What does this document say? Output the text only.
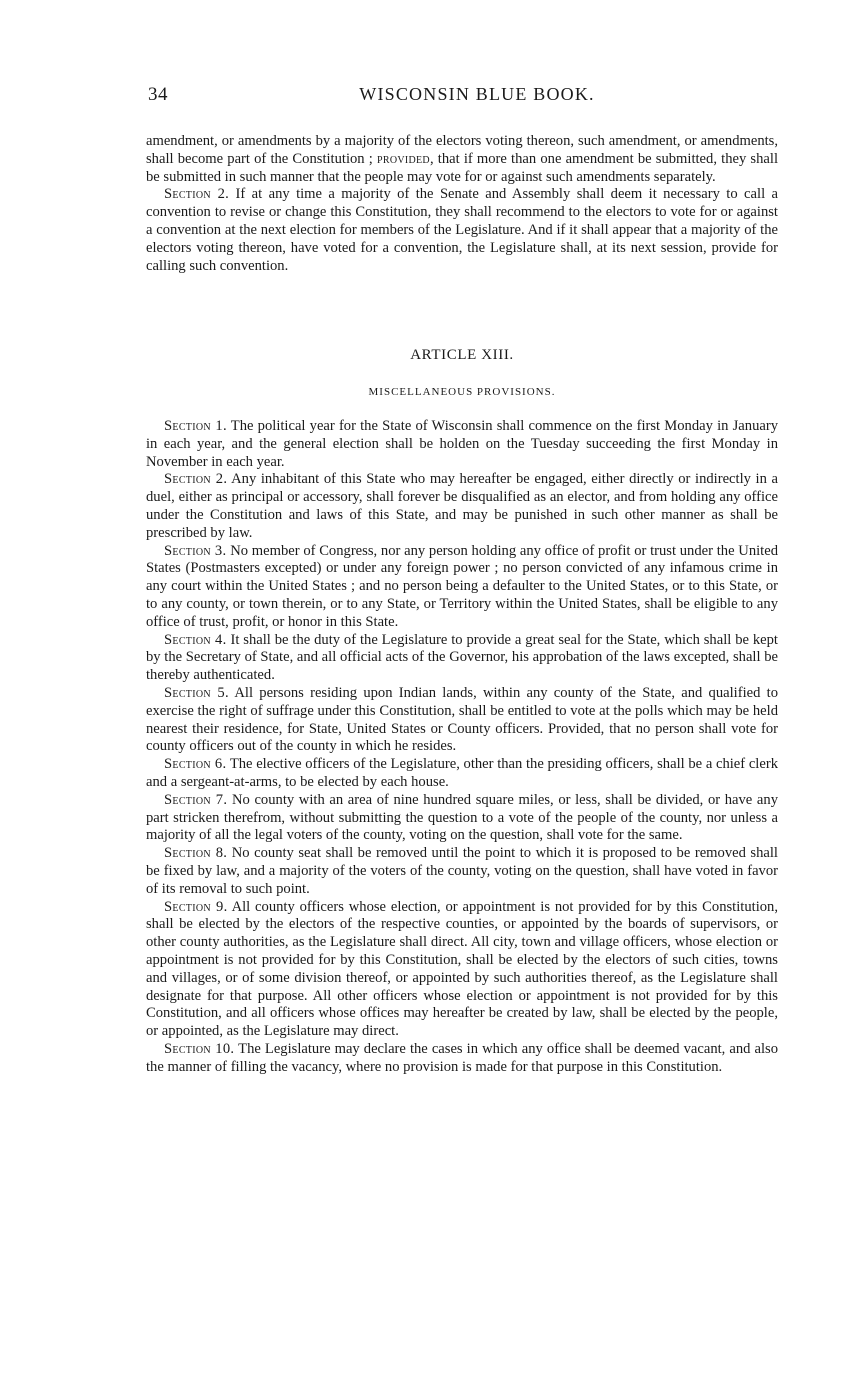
34	WISCONSIN BLUE BOOK.

amendment, or amendments by a majority of the electors voting thereon, such amendment, or amendments, shall become part of the Constitution ; provided, that if more than one amendment be submitted, they shall be submitted in such manner that the people may vote for or against such amendments separately.

Section 2. If at any time a majority of the Senate and Assembly shall deem it necessary to call a convention to revise or change this Constitution, they shall recommend to the electors to vote for or against a convention at the next election for members of the Legislature. And if it shall appear that a majority of the electors voting thereon, have voted for a convention, the Legislature shall, at its next session, provide for calling such convention.

ARTICLE XIII.
MISCELLANEOUS PROVISIONS.

Section 1. The political year for the State of Wisconsin shall commence on the first Monday in January in each year, and the general election shall be holden on the Tuesday succeeding the first Monday in November in each year.

Section 2. Any inhabitant of this State who may hereafter be engaged, either directly or indirectly in a duel, either as principal or accessory, shall forever be disqualified as an elector, and from holding any office under the Constitution and laws of this State, and may be punished in such other manner as shall be prescribed by law.

Section 3. No member of Congress, nor any person holding any office of profit or trust under the United States (Postmasters excepted) or under any foreign power ; no person convicted of any infamous crime in any court within the United States ; and no person being a defaulter to the United States, or to this State, or to any county, or town therein, or to any State, or Territory within the United States, shall be eligible to any office of trust, profit, or honor in this State.

Section 4. It shall be the duty of the Legislature to provide a great seal for the State, which shall be kept by the Secretary of State, and all official acts of the Governor, his approbation of the laws excepted, shall be thereby authenticated.

Section 5. All persons residing upon Indian lands, within any county of the State, and qualified to exercise the right of suffrage under this Constitution, shall be entitled to vote at the polls which may be held nearest their residence, for State, United States or County officers. Provided, that no person shall vote for county officers out of the county in which he resides.

Section 6. The elective officers of the Legislature, other than the presiding officers, shall be a chief clerk and a sergeant-at-arms, to be elected by each house.

Section 7. No county with an area of nine hundred square miles, or less, shall be divided, or have any part stricken therefrom, without submitting the question to a vote of the people of the county, nor unless a majority of all the legal voters of the county, voting on the question, shall vote for the same.

Section 8. No county seat shall be removed until the point to which it is proposed to be removed shall be fixed by law, and a majority of the voters of the county, voting on the question, shall have voted in favor of its removal to such point.

Section 9. All county officers whose election, or appointment is not provided for by this Constitution, shall be elected by the electors of the respective counties, or appointed by the boards of supervisors, or other county authorities, as the Legislature shall direct. All city, town and village officers, whose election or appointment is not provided for by this Constitution, shall be elected by the electors of such cities, towns and villages, or of some division thereof, or appointed by such authorities thereof, as the Legislature shall designate for that purpose. All other officers whose election or appointment is not provided for by this Constitution, and all officers whose offices may hereafter be created by law, shall be elected by the people, or appointed, as the Legislature may direct.

Section 10. The Legislature may declare the cases in which any office shall be deemed vacant, and also the manner of filling the vacancy, where no provision is made for that purpose in this Constitution.
